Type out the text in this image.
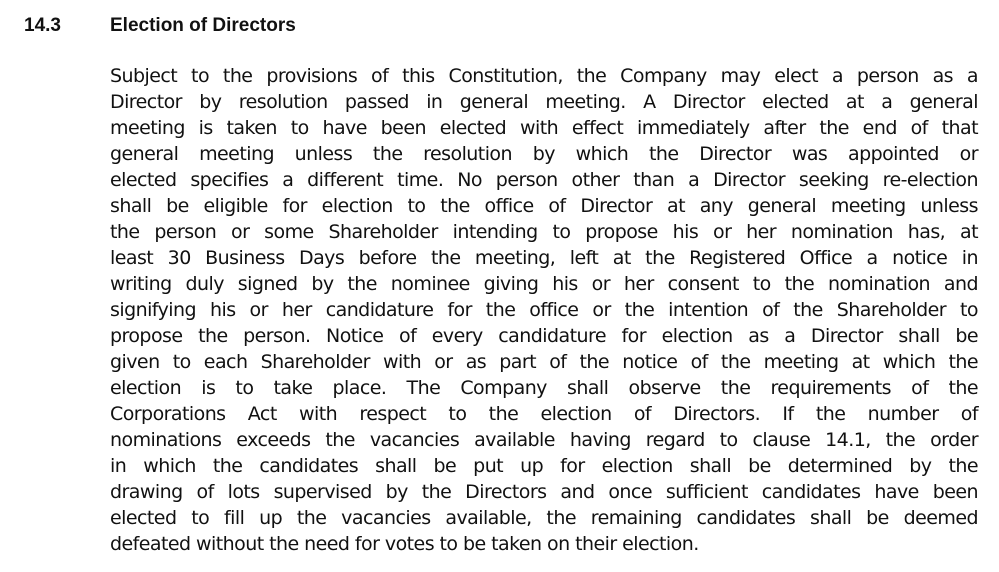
14.3	Election of Directors
Subject to the provisions of this Constitution, the Company may elect a person as a
Director by resolution passed in general meeting. A Director elected at a general
meeting is taken to have been elected with effect immediately after the end of that
general meeting unless the resolution by which the Director was appointed or
elected specifies a different time. No person other than a Director seeking re-election
shall be eligible for election to the office of Director at any general meeting unless
the person or some Shareholder intending to propose his or her nomination has, at
least 30 Business Days before the meeting, left at the Registered Office a notice in
writing duly signed by the nominee giving his or her consent to the nomination and
signifying his or her candidature for the office or the intention of the Shareholder to
propose the person. Notice of every candidature for election as a Director shall be
given to each Shareholder with or as part of the notice of the meeting at which the
election is to take place. The Company shall observe the requirements of the
Corporations Act with respect to the election of Directors. If the number of
nominations exceeds the vacancies available having regard to clause 14.1, the order
in which the candidates shall be put up for election shall be determined by the
drawing of lots supervised by the Directors and once sufficient candidates have been
elected to fill up the vacancies available, the remaining candidates shall be deemed
defeated without the need for votes to be taken on their election.
